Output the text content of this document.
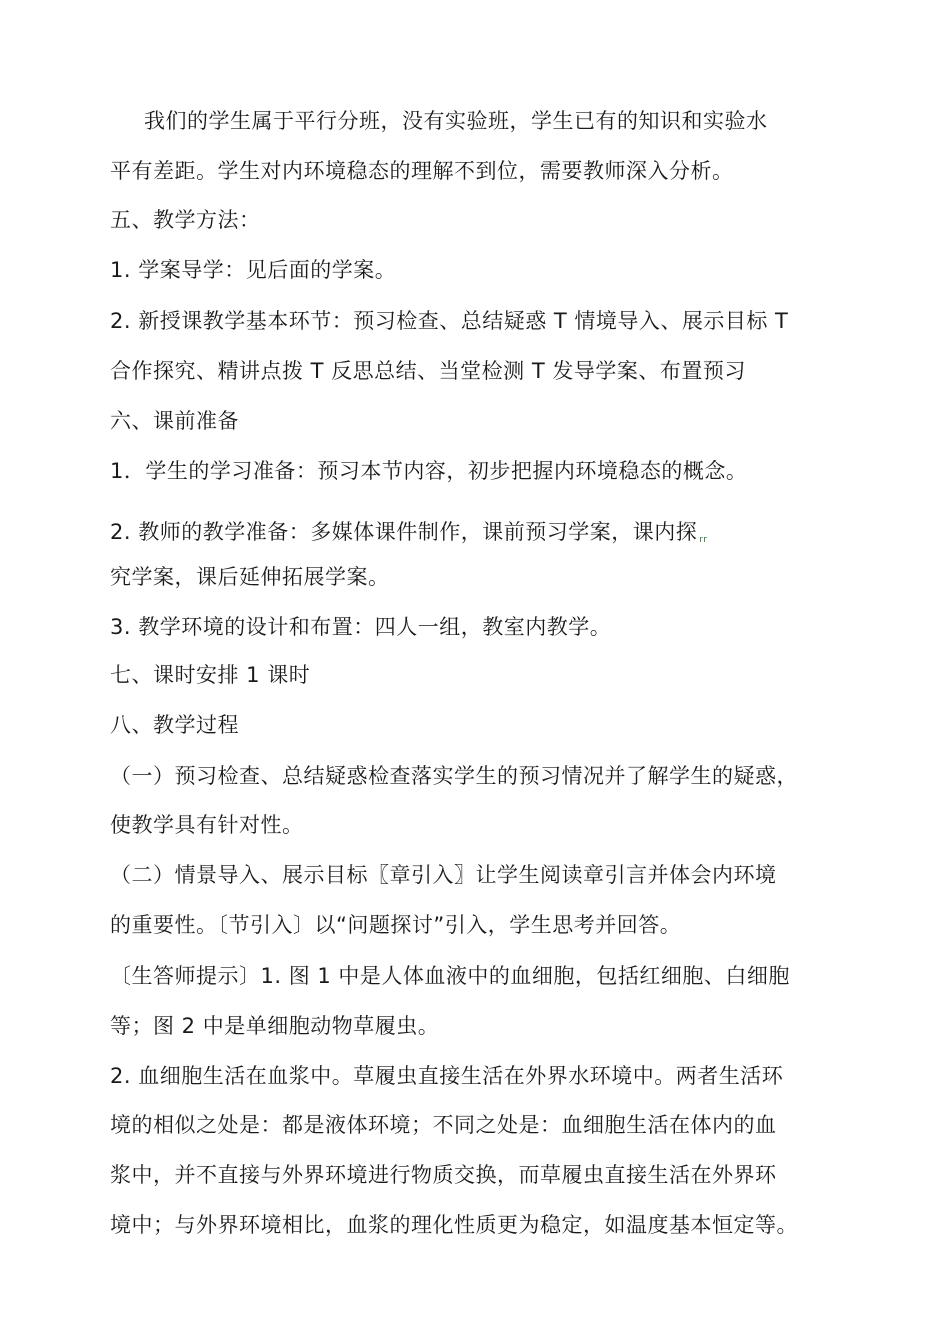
我们的学生属于平行分班，没有实验班，学生已有的知识和实验水
平有差距。学生对内环境稳态的理解不到位，需要教师深入分析。
五、教学方法：
1. 学案导学：见后面的学案。
2. 新授课教学基本环节：预习检查、总结疑惑 T 情境导入、展示目标 T
合作探究、精讲点拨 T 反思总结、当堂检测 T 发导学案、布置预习
六、课前准备
1．学生的学习准备：预习本节内容，初步把握内环境稳态的概念。
2. 教师的教学准备：多媒体课件制作，课前预习学案，课内探 rr
究学案，课后延伸拓展学案。
3. 教学环境的设计和布置：四人一组，教室内教学。
七、课时安排 1 课时
八、教学过程
（一）预习检查、总结疑惑检查落实学生的预习情况并了解学生的疑惑，
使教学具有针对性。
（二）情景导入、展示目标〖章引入〗让学生阅读章引言并体会内环境
的重要性。〔节引入〕以“问题探讨”引入，学生思考并回答。
〔生答师提示〕1. 图 1 中是人体血液中的血细胞，包括红细胞、白细胞
等；图 2 中是单细胞动物草履虫。
2. 血细胞生活在血浆中。草履虫直接生活在外界水环境中。两者生活环
境的相似之处是：都是液体环境；不同之处是：血细胞生活在体内的血
浆中，并不直接与外界环境进行物质交换，而草履虫直接生活在外界环
境中；与外界环境相比，血浆的理化性质更为稳定，如温度基本恒定等。
